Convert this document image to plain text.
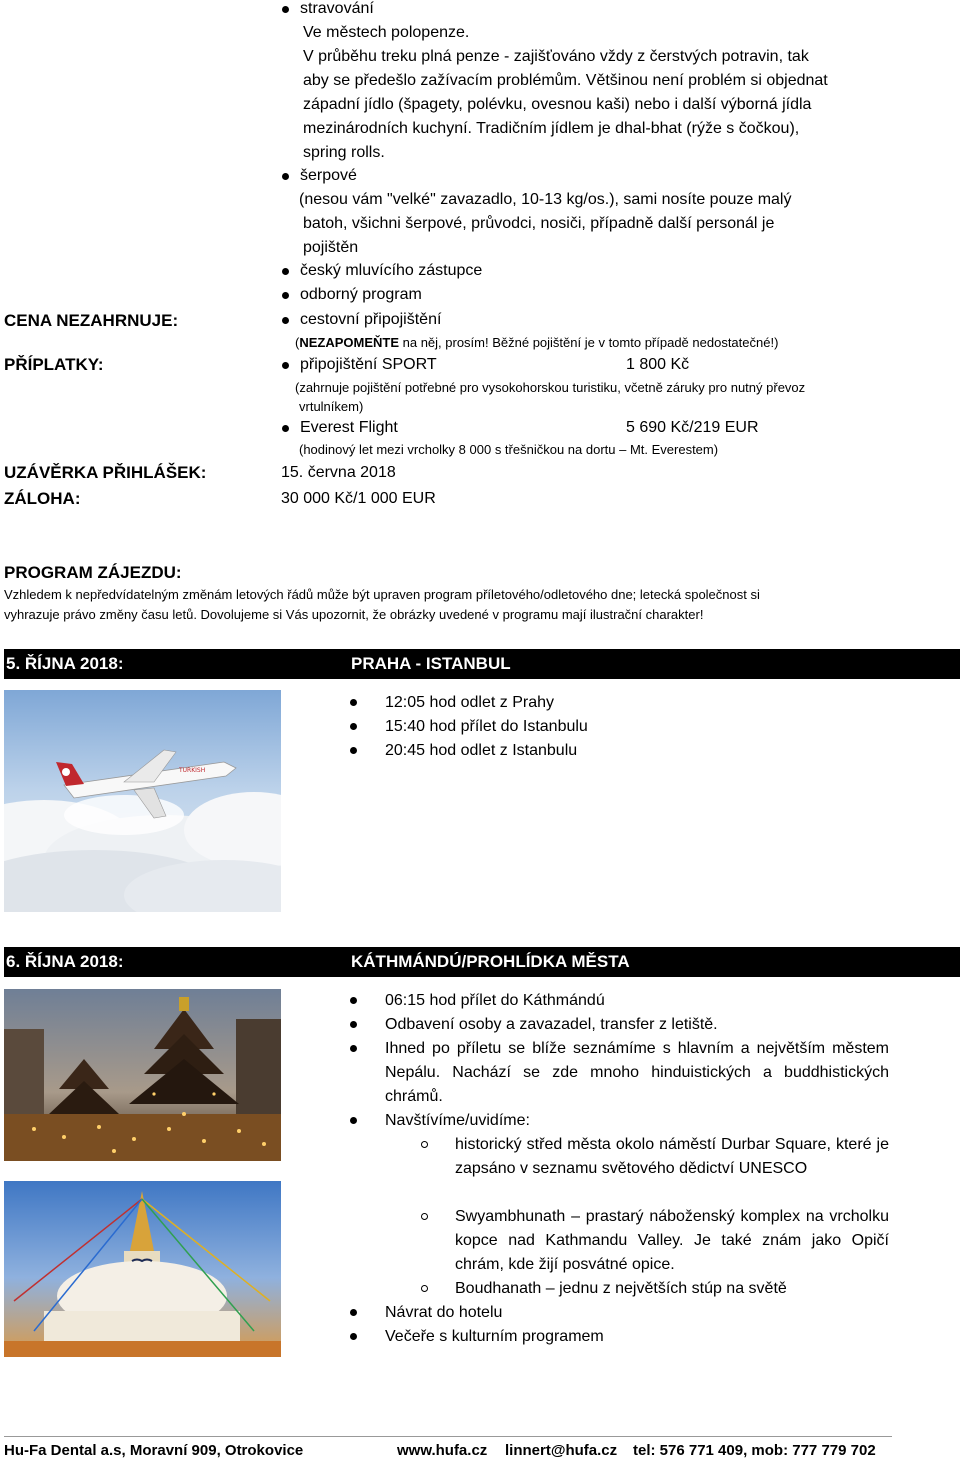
stravování
Ve městech polopenze.
V průběhu treku plná penze - zajišťováno vždy z čerstvých potravin, tak
aby se předešlo zažívacím problémům. Většinou není problém si objednat
západní jídlo (špagety, polévku, ovesnou kaši) nebo i další výborná jídla
mezinárodních kuchyní. Tradičním jídlem je dhal-bhat (rýže s čočkou),
spring rolls.
šerpové
(nesou vám "velké" zavazadlo, 10-13 kg/os.), sami nosíte pouze malý
batoh, všichni šerpové, průvodci, nosiči, případně další personál je
pojištěn
český mluvícího zástupce
odborný program
CENA NEZAHRNUJE:	cestovní připojištění
(NEZAPOMEŇTE na něj, prosím! Běžné pojištění je v tomto případě nedostatečné!)
PŘÍPLATKY:	připojištění SPORT	1 800 Kč
(zahrnuje pojištění potřebné pro vysokohorskou turistiku, včetně záruky pro nutný převoz
vrtulníkem)
Everest Flight	5 690 Kč/219 EUR
(hodinový let mezi vrcholky 8 000 s třešničkou na dortu – Mt. Everestem)
UZÁVĚRKA PŘIHLÁŠEK:	15. června 2018
ZÁLOHA:	30 000 Kč/1 000 EUR
PROGRAM ZÁJEZDU:
Vzhledem k nepředvídatelným změnám letových řádů může být upraven program příletového/odletového dne; letecká společnost si
vyhrazuje právo změny času letů. Dovolujeme si Vás upozornit, že obrázky uvedené v programu mají ilustrační charakter!
5. ŘÍJNA 2018:	PRAHA - ISTANBUL
TURKISH
12:05 hod odlet z Prahy
15:40 hod přílet do Istanbulu
20:45 hod odlet z Istanbulu
6. ŘÍJNA 2018:	KÁTHMÁNDÚ/PROHLÍDKA MĚSTA
06:15 hod přílet do Káthmándú
Odbavení osoby a zavazadel, transfer z letiště.
Ihned po příletu se blíže seznámíme s hlavním a největším městem Nepálu. Nachází se zde mnoho hinduistických a buddhistických chrámů.
Navštívíme/uvidíme:
historický střed města okolo náměstí Durbar Square, které je zapsáno v seznamu světového dědictví UNESCO
Swyambhunath – prastarý náboženský komplex na vrcholku kopce nad Kathmandu Valley. Je také znám jako Opičí chrám, kde žijí posvátné opice.
Boudhanath – jednu z největších stúp na světě
Návrat do hotelu
Večeře s kulturním programem
Hu-Fa Dental a.s, Moravní 909, Otrokovice	www.hufa.cz linnert@hufa.cz tel: 576 771 409, mob: 777 779 702
